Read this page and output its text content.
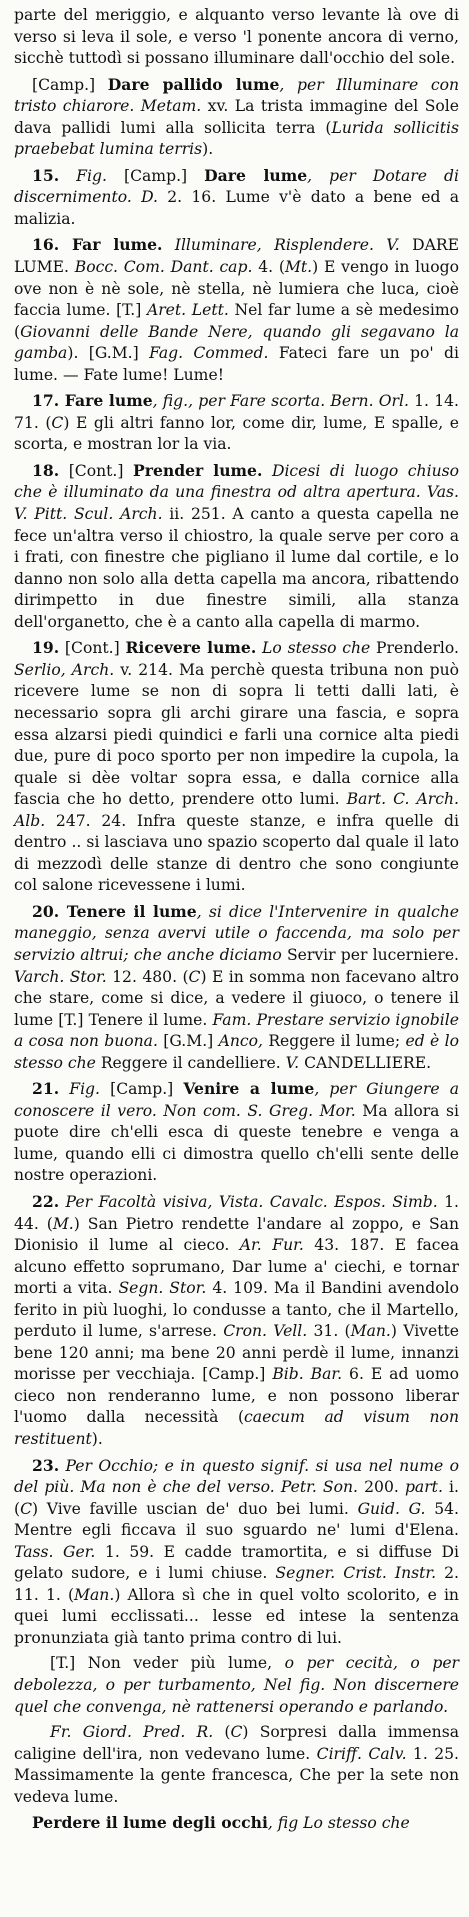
parte del meriggio, e alquanto verso levante là ove di verso si leva il sole, e verso 'l ponente ancora di verno, sicchè tuttodì si possano illuminare dall'occhio del sole.

[Camp.] Dare pallido lume, per Illuminare con tristo chiarore. Metam. xv. La trista immagine del Sole dava pallidi lumi alla sollicita terra (Lurida sollicitis praebebat lumina terris).

15. Fig. [Camp.] Dare lume, per Dotare di discernimento. D. 2. 16. Lume v'è dato a bene ed a malizia.

16. Far lume. Illuminare, Risplendere. V. DARE LUME. Bocc. Com. Dant. cap. 4. (Mt.) E vengo in luogo ove non è nè sole, nè stella, nè lumiera che luca, cioè faccia lume. [T.] Aret. Lett. Nel far lume a sè medesimo (Giovanni delle Bande Nere, quando gli segavano la gamba). [G.M.] Fag. Commed. Fateci fare un po' di lume. — Fate lume! Lume!

17. Fare lume, fig., per Fare scorta. Bern. Orl. 1. 14. 71. (C) E gli altri fanno lor, come dir, lume, E spalle, e scorta, e mostran lor la via.

18. [Cont.] Prender lume. Dicesi di luogo chiuso che è illuminato da una finestra od altra apertura. Vas. V. Pitt. Scul. Arch. ii. 251. A canto a questa capella ne fece un'altra verso il chiostro, la quale serve per coro a i frati, con finestre che pigliano il lume dal cortile, e lo danno non solo alla detta capella ma ancora, ribattendo dirimpetto in due finestre simili, alla stanza dell'organetto, che è a canto alla capella di marmo.

19. [Cont.] Ricevere lume. Lo stesso che Prenderlo. Serlio, Arch. v. 214. Ma perchè questa tribuna non può ricevere lume se non di sopra li tetti dalli lati, è necessario sopra gli archi girare una fascia, e sopra essa alzarsi piedi quindici e farli una cornice alta piedi due, pure di poco sporto per non impedire la cupola, la quale si dèe voltar sopra essa, e dalla cornice alla fascia che ho detto, prendere otto lumi. Bart. C. Arch. Alb. 247. 24. Infra queste stanze, e infra quelle di dentro .. si lasciava uno spazio scoperto dal quale il lato di mezzodì delle stanze di dentro che sono congiunte col salone ricevessene i lumi.

20. Tenere il lume, si dice l'Intervenire in qualche maneggio, senza avervi utile o faccenda, ma solo per servizio altrui; che anche diciamo Servir per lucerniere. Varch. Stor. 12. 480. (C) E in somma non facevano altro che stare, come si dice, a vedere il giuoco, o tenere il lume [T.] Tenere il lume. Fam. Prestare servizio ignobile a cosa non buona. [G.M.] Anco, Reggere il lume; ed è lo stesso che Reggere il candelliere. V. CANDELLIERE.

21. Fig. [Camp.] Venire a lume, per Giungere a conoscere il vero. Non com. S. Greg. Mor. Ma allora si puote dire ch'elli esca di queste tenebre e venga a lume, quando elli ci dimostra quello ch'elli sente delle nostre operazioni.

22. Per Facoltà visiva, Vista. Cavalc. Espos. Simb. 1. 44. (M.) San Pietro rendette l'andare al zoppo, e San Dionisio il lume al cieco. Ar. Fur. 43. 187. E facea alcuno effetto soprumano, Dar lume a' ciechi, e tornar morti a vita. Segn. Stor. 4. 109. Ma il Bandini avendolo ferito in più luoghi, lo condusse a tanto, che il Martello, perduto il lume, s'arrese. Cron. Vell. 31. (Man.) Vivette bene 120 anni; ma bene 20 anni perdè il lume, innanzi morisse per vecchiaja. [Camp.] Bib. Bar. 6. E ad uomo cieco non renderanno lume, e non possono liberar l'uomo dalla necessità (caecum ad visum non restituent).

23. Per Occhio; e in questo signif. si usa nel nume o del più. Ma non è che del verso. Petr. Son. 200. part. i. (C) Vive faville uscian de' duo bei lumi. Guid. G. 54. Mentre egli ficcava il suo sguardo ne' lumi d'Elena. Tass. Ger. 1. 59. E cadde tramortita, e si diffuse Di gelato sudore, e i lumi chiuse. Segner. Crist. Instr. 2. 11. 1. (Man.) Allora sì che in quel volto scolorito, e in quei lumi ecclissati... lesse ed intese la sentenza pronunziata già tanto prima contro di lui.

[T.] Non veder più lume, o per cecità, o per debolezza, o per turbamento, Nel fig. Non discernere quel che convenga, nè rattenersi operando e parlando.

Fr. Giord. Pred. R. (C) Sorpresi dalla immensa caligine dell'ira, non vedevano lume. Ciriff. Calv. 1. 25. Massimamente la gente francesca, Che per la sete non vedeva lume.

Perdere il lume degli occhi, fig Lo stesso che
